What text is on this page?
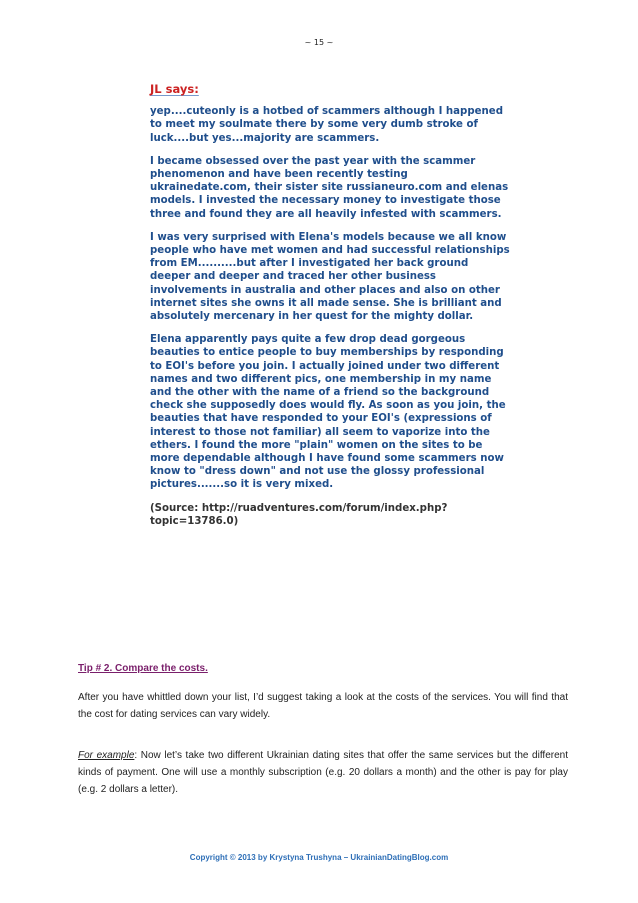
~ 15 ~
JL says:

yep....cuteonly is a hotbed of scammers although I happened to meet my soulmate there by some very dumb stroke of luck....but yes...majority are scammers.

I became obsessed over the past year with the scammer phenomenon and have been recently testing ukrainedate.com, their sister site russianeuro.com and elenas models. I invested the necessary money to investigate those three and found they are all heavily infested with scammers.

I was very surprised with Elena's models because we all know people who have met women and had successful relationships from EM..........but after I investigated her back ground deeper and deeper and traced her other business involvements in australia and other places and also on other internet sites she owns it all made sense. She is brilliant and absolutely mercenary in her quest for the mighty dollar.

Elena apparently pays quite a few drop dead gorgeous beauties to entice people to buy memberships by responding to EOI's before you join. I actually joined under two different names and two different pics, one membership in my name and the other with the name of a friend so the background check she supposedly does would fly. As soon as you join, the beauties that have responded to your EOI's (expressions of interest to those not familiar) all seem to vaporize into the ethers. I found the more "plain" women on the sites to be more dependable although I have found some scammers now know to "dress down" and not use the glossy professional pictures.......so it is very mixed.

(Source: http://ruadventures.com/forum/index.php?topic=13786.0)

Tip # 2. Compare the costs.
After you have whittled down your list, I’d suggest taking a look at the costs of the services. You will find that the cost for dating services can vary widely.
For example: Now let’s take two different Ukrainian dating sites that offer the same services but the different kinds of payment. One will use a monthly subscription (e.g. 20 dollars a month) and the other is pay for play (e.g. 2 dollars a letter).
Copyright © 2013 by Krystyna Trushyna – UkrainianDatingBlog.com
